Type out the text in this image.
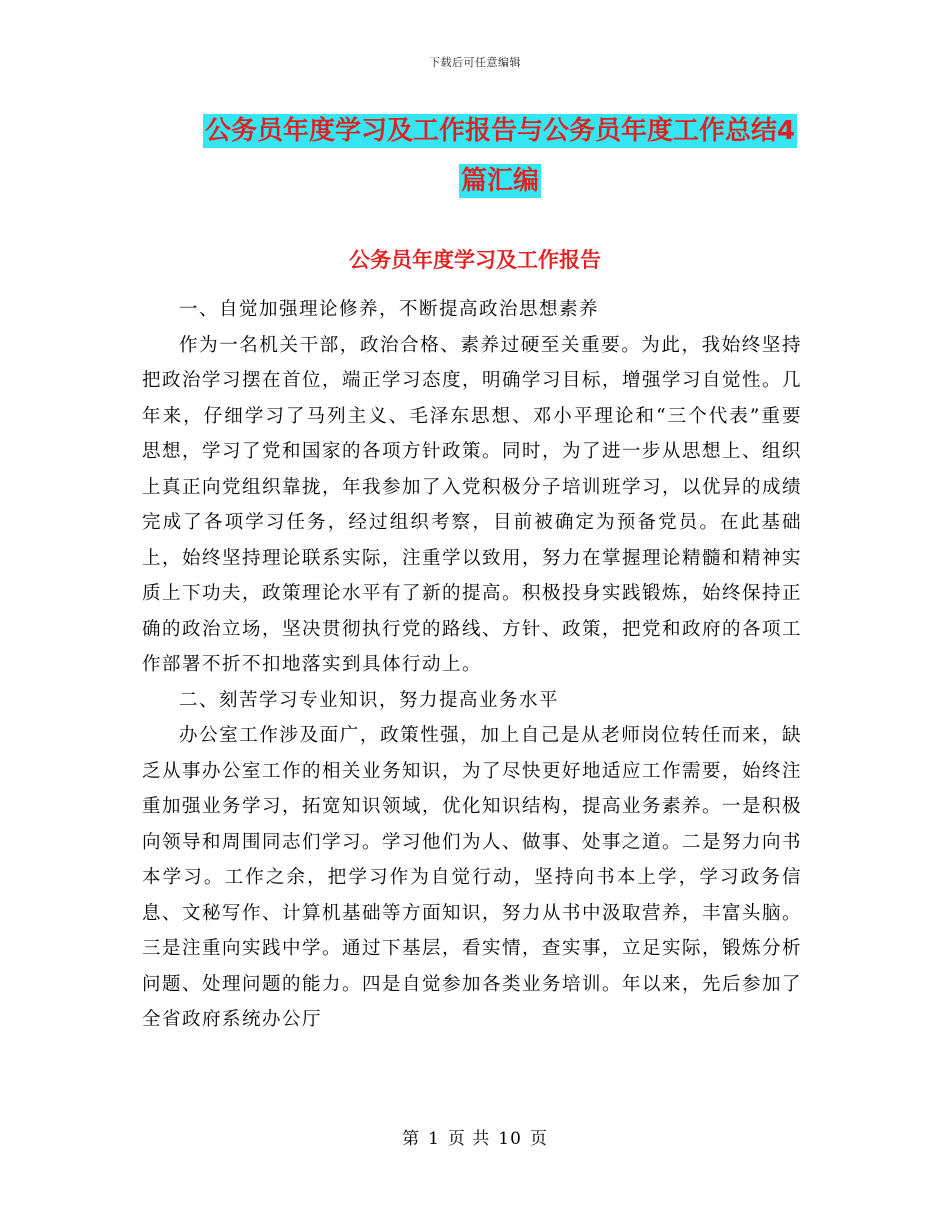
下载后可任意编辑
公务员年度学习及工作报告与公务员年度工作总结4
篇汇编
公务员年度学习及工作报告

一、自觉加强理论修养，不断提高政治思想素养

作为一名机关干部，政治合格、素养过硬至关重要。为此，我始终坚持把政治学习摆在首位，端正学习态度，明确学习目标，增强学习自觉性。几年来，仔细学习了马列主义、毛泽东思想、邓小平理论和“三个代表”重要思想，学习了党和国家的各项方针政策。同时，为了进一步从思想上、组织上真正向党组织靠拢，年我参加了入党积极分子培训班学习，以优异的成绩完成了各项学习任务，经过组织考察，目前被确定为预备党员。在此基础上，始终坚持理论联系实际，注重学以致用，努力在掌握理论精髓和精神实质上下功夫，政策理论水平有了新的提高。积极投身实践锻炼，始终保持正确的政治立场，坚决贯彻执行党的路线、方针、政策，把党和政府的各项工作部署不折不扣地落实到具体行动上。

二、刻苦学习专业知识，努力提高业务水平

办公室工作涉及面广，政策性强，加上自己是从老师岗位转任而来，缺乏从事办公室工作的相关业务知识，为了尽快更好地适应工作需要，始终注重加强业务学习，拓宽知识领域，优化知识结构，提高业务素养。一是积极向领导和周围同志们学习。学习他们为人、做事、处事之道。二是努力向书本学习。工作之余，把学习作为自觉行动，坚持向书本上学，学习政务信息、文秘写作、计算机基础等方面知识，努力从书中汲取营养，丰富头脑。三是注重向实践中学。通过下基层，看实情，查实事，立足实际，锻炼分析问题、处理问题的能力。四是自觉参加各类业务培训。年以来，先后参加了全省政府系统办公厅

第 1 页 共 10 页
